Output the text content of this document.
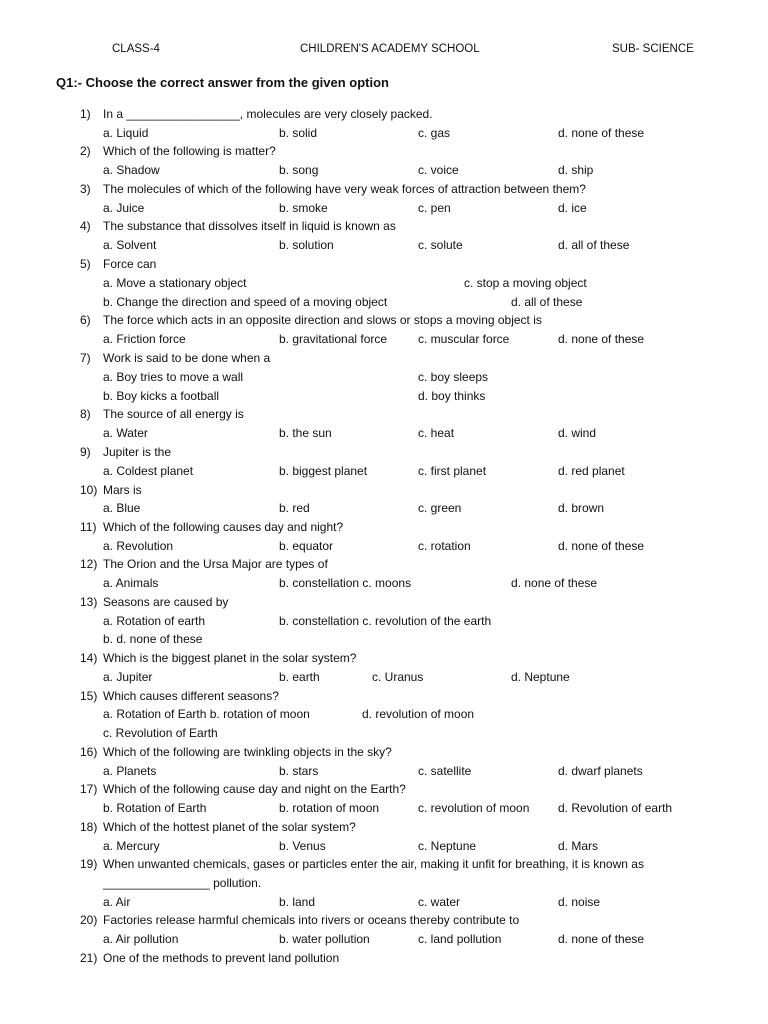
CLASS-4	CHILDREN'S ACADEMY SCHOOL	SUB- SCIENCE
Q1:- Choose the correct answer from the given option
1) In a _________________, molecules are very closely packed.
a. Liquid	b. solid	c. gas	d. none of these
2) Which of the following is matter?
a. Shadow	b. song	c. voice	d. ship
3) The molecules of which of the following have very weak forces of attraction between them?
a. Juice	b. smoke	c. pen	d. ice
4) The substance that dissolves itself in liquid is known as
a. Solvent	b. solution	c. solute	d. all of these
5) Force can
a. Move a stationary object	c. stop a moving object
b. Change the direction and speed of a moving object	d. all of these
6) The force which acts in an opposite direction and slows or stops a moving object is
a. Friction force	b. gravitational force	c. muscular force	d. none of these
7) Work is said to be done when a
a. Boy tries to move a wall	c. boy sleeps
b. Boy kicks a football	d. boy thinks
8) The source of all energy is
a. Water	b. the sun	c. heat	d. wind
9) Jupiter is the
a. Coldest planet	b. biggest planet	c. first planet	d. red planet
10) Mars is
a. Blue	b. red	c. green	d. brown
11) Which of the following causes day and night?
a. Revolution	b. equator	c. rotation	d. none of these
12) The Orion and the Ursa Major are types of
a. Animals	b. constellation c. moons	d. none of these
13) Seasons are caused by
a. Rotation of earth	b. constellation c. revolution of the earth
b. d. none of these
14) Which is the biggest planet in the solar system?
a. Jupiter	b. earth	c. Uranus	d. Neptune
15) Which causes different seasons?
a. Rotation of Earth b. rotation of moon	d. revolution of moon
c. Revolution of Earth
16) Which of the following are twinkling objects in the sky?
a. Planets	b. stars	c. satellite	d. dwarf planets
17) Which of the following cause day and night on the Earth?
b. Rotation of Earth	b. rotation of moon	c. revolution of moon d. Revolution of earth
18) Which of the hottest planet of the solar system?
a. Mercury	b. Venus	c. Neptune	d. Mars
19) When unwanted chemicals, gases or particles enter the air, making it unfit for breathing, it is known as
________________ pollution.
a. Air	b. land	c. water	d. noise
20) Factories release harmful chemicals into rivers or oceans thereby contribute to
a. Air pollution	b. water pollution	c. land pollution	d. none of these
21) One of the methods to prevent land pollution
